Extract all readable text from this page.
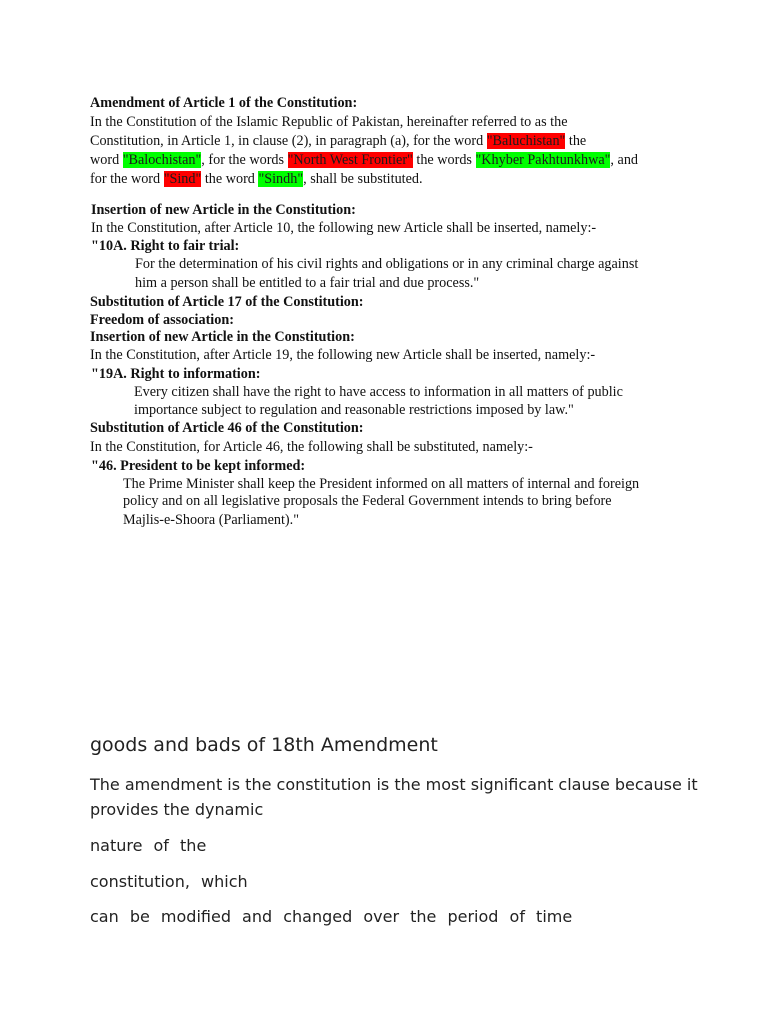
Amendment of Article 1 of the Constitution:
In the Constitution of the Islamic Republic of Pakistan, hereinafter referred to as the
Constitution, in Article 1, in clause (2), in paragraph (a), for the word "Baluchistan" the
word "Balochistan", for the words "North West Frontier" the words "Khyber Pakhtunkhwa", and
for the word "Sind" the word "Sindh", shall be substituted.
Insertion of new Article in the Constitution:
In the Constitution, after Article 10, the following new Article shall be inserted, namely:-
"10A. Right to fair trial:
For the determination of his civil rights and obligations or in any criminal charge against
him a person shall be entitled to a fair trial and due process."
Substitution of Article 17 of the Constitution:
Freedom of association:
Insertion of new Article in the Constitution:
In the Constitution, after Article 19, the following new Article shall be inserted, namely:-
"19A. Right to information:
Every citizen shall have the right to have access to information in all matters of public
importance subject to regulation and reasonable restrictions imposed by law."
Substitution of Article 46 of the Constitution:
In the Constitution, for Article 46, the following shall be substituted, namely:-
"46. President to be kept informed:
The Prime Minister shall keep the President informed on all matters of internal and foreign
policy and on all legislative proposals the Federal Government intends to bring before
Majlis-e-Shoora (Parliament)."
goods and bads of 18th Amendment
The amendment is the constitution is the most significant clause because it
provides the dynamic
nature of the
constitution, which
can be modified and changed over the period of time
